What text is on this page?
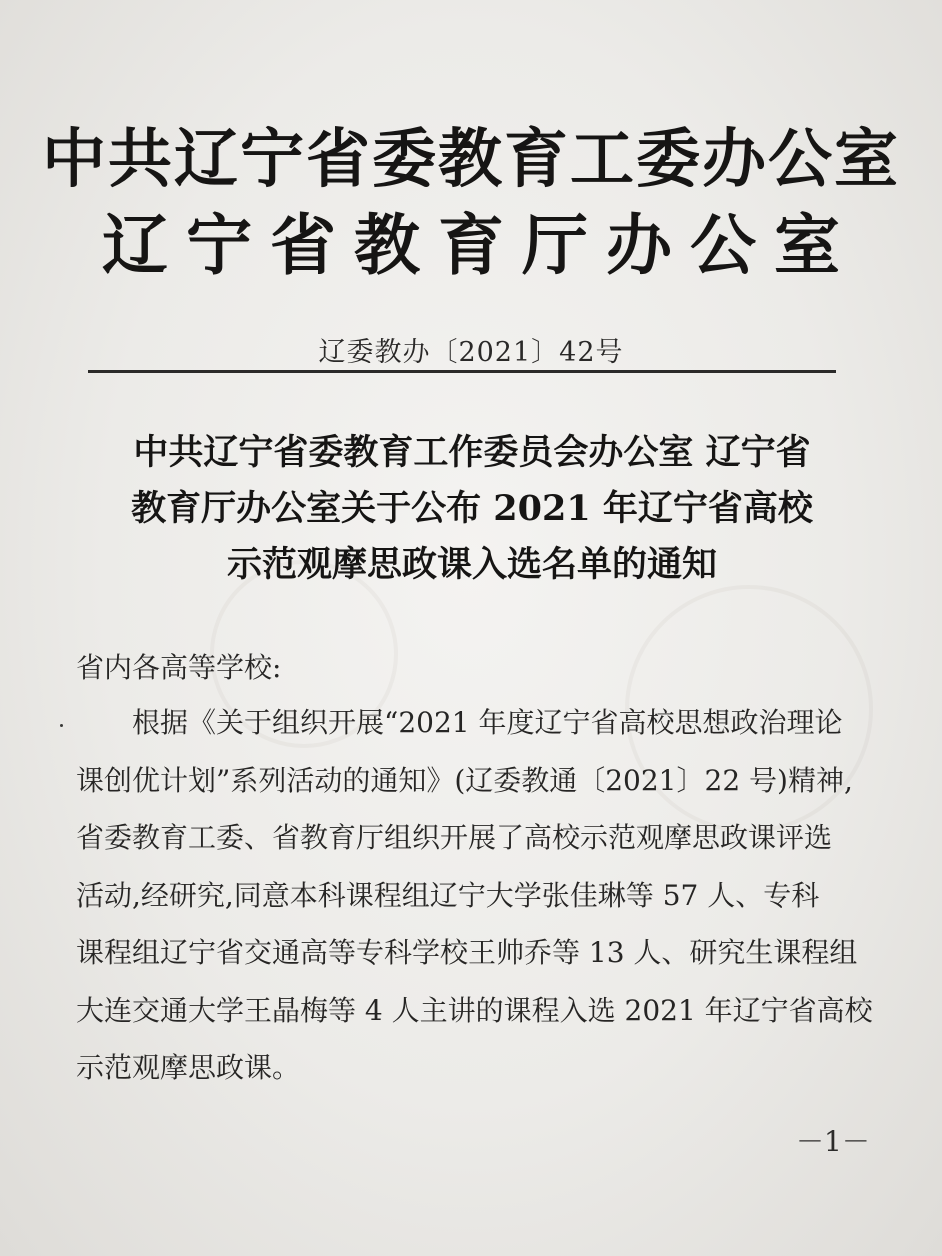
中共辽宁省委教育工委办公室
辽宁省教育厅办公室
辽委教办〔2021〕42号
中共辽宁省委教育工作委员会办公室 辽宁省
教育厅办公室关于公布 2021 年辽宁省高校
示范观摩思政课入选名单的通知
省内各高等学校:
根据《关于组织开展“2021 年度辽宁省高校思想政治理论
课创优计划”系列活动的通知》(辽委教通〔2021〕22 号)精神,
省委教育工委、省教育厅组织开展了高校示范观摩思政课评选
活动,经研究,同意本科课程组辽宁大学张佳琳等 57 人、专科
课程组辽宁省交通高等专科学校王帅乔等 13 人、研究生课程组
大连交通大学王晶梅等 4 人主讲的课程入选 2021 年辽宁省高校
示范观摩思政课。
－1－
